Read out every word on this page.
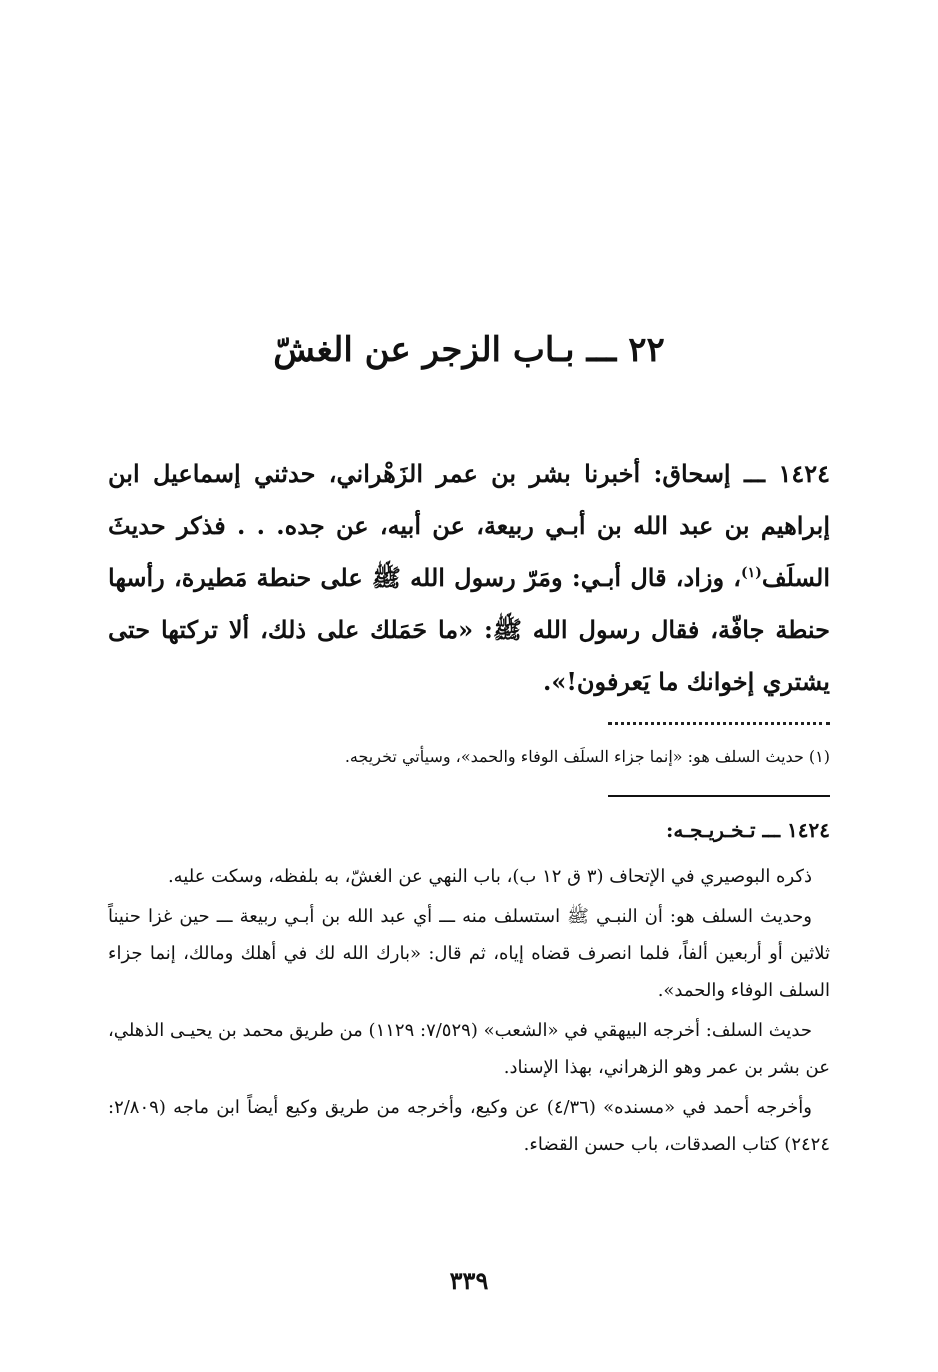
٢٢ ـــ بـاب الزجر عن الغشّ

١٤٢٤ ـــ إسحاق: أخبرنا بشر بن عمر الزَهْراني، حدثني إسماعيل ابن إبراهيم بن عبد الله بن أبـي ربيعة، عن أبيه، عن جده. . . فذكر حديثَ السلَف$^{(١)}$، وزاد، قال أبـي: ومَرّ رسول الله ﷺ على حنطة مَطيرة، رأسها حنطة جافّة، فقال رسول الله ﷺ: «ما حَمَلك على ذلك، ألا تركتها حتى يشتري إخوانك ما يَعرفون!».

(١) حديث السلف هو: «إنما جزاء السلَف الوفاء والحمد»، وسيأتي تخريجه.
١٤٢٤ ـــ تـخـريـجـه:

ذكره البوصيري في الإتحاف (٣ ق ١٢ ب)، باب النهي عن الغشّ، به بلفظه، وسكت عليه.

وحديث السلف هو: أن النبـي ﷺ استسلف منه ـــ أي عبد الله بن أبـي ربيعة ـــ حين غزا حنيناً ثلاثين أو أربعين ألفاً، فلما انصرف قضاه إياه، ثم قال: «بارك الله لك في أهلك ومالك، إنما جزاء السلف الوفاء والحمد».

حديث السلف: أخرجه البيهقي في «الشعب» (٧/٥٢٩: ١١٢٩) من طريق محمد بن يحيـى الذهلي، عن بشر بن عمر وهو الزهراني، بهذا الإسناد.

وأخرجه أحمد في «مسنده» (٤/٣٦) عن وكيع، وأخرجه من طريق وكيع أيضاً ابن ماجه (٢/٨٠٩: ٢٤٢٤) كتاب الصدقات، باب حسن القضاء.

٣٣٩
